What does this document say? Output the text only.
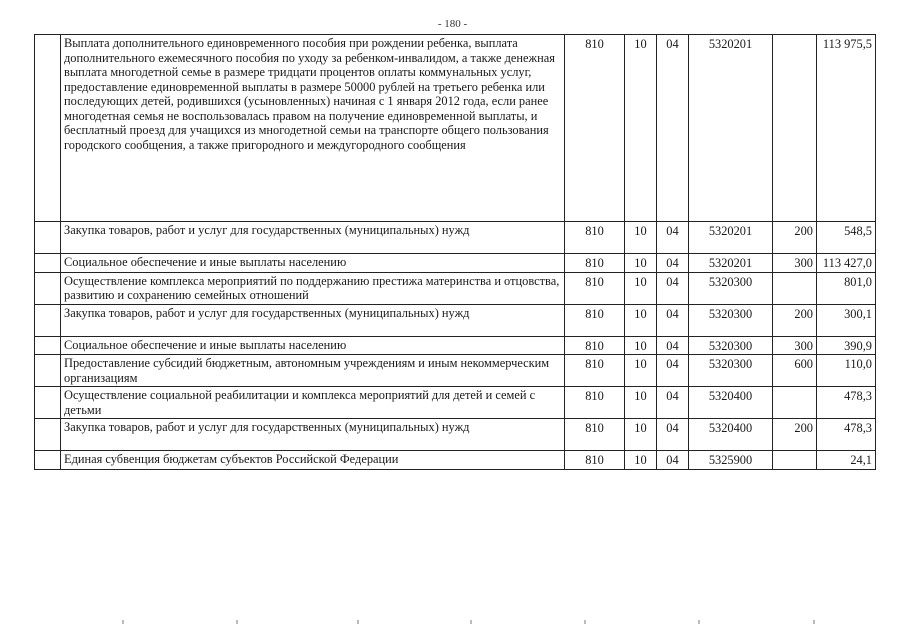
- 180 -
	Выплата дополнительного единовременного пособия при рождении ребенка, выплата дополнительного ежемесячного пособия по уходу за ребенком-инвалидом, а также денежная выплата многодетной семье в размере тридцати процентов оплаты коммунальных услуг, предоставление единовременной выплаты в размере 50000 рублей на третьего ребенка или последующих детей, родившихся (усыновленных) начиная с 1 января 2012 года, если ранее многодетная семья не воспользовалась правом на получение единовременной выплаты, и бесплатный проезд для учащихся из многодетной семьи на транспорте общего пользования городского сообщения, а также пригородного и междугородного сообщения	810	10	04	5320201		113 975,5
	Закупка товаров, работ и услуг для государственных (муниципальных) нужд	810	10	04	5320201	200	548,5
	Социальное обеспечение и иные выплаты населению	810	10	04	5320201	300	113 427,0
	Осуществление комплекса мероприятий по поддержанию престижа материнства и отцовства, развитию и сохранению семейных отношений	810	10	04	5320300		801,0
	Закупка товаров, работ и услуг для государственных (муниципальных) нужд	810	10	04	5320300	200	300,1
	Социальное обеспечение и иные выплаты населению	810	10	04	5320300	300	390,9
	Предоставление субсидий бюджетным, автономным учреждениям и иным некоммерческим организациям	810	10	04	5320300	600	110,0
	Осуществление социальной реабилитации и комплекса мероприятий для детей и семей с детьми	810	10	04	5320400		478,3
	Закупка товаров, работ и услуг для государственных (муниципальных) нужд	810	10	04	5320400	200	478,3
	Единая субвенция бюджетам субъектов Российской Федерации	810	10	04	5325900		24,1
